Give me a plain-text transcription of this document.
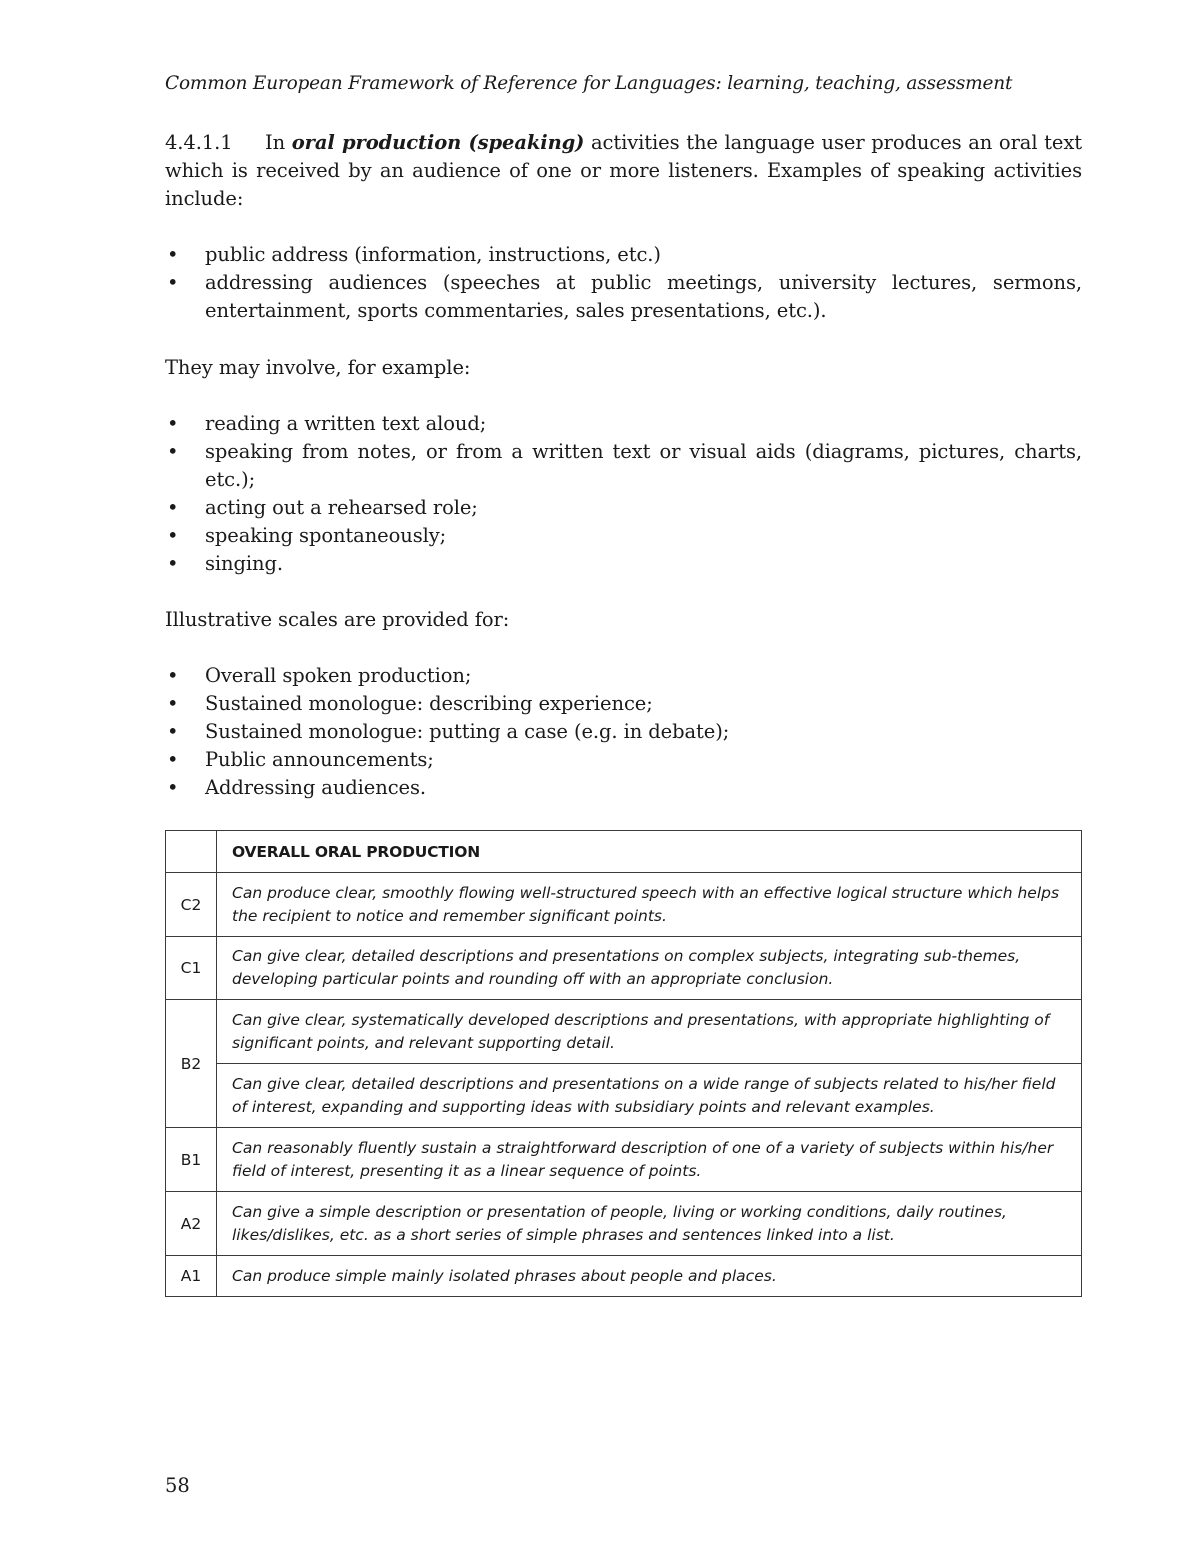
Common European Framework of Reference for Languages: learning, teaching, assessment

4.4.1.1 In oral production (speaking) activities the language user produces an oral text which is received by an audience of one or more listeners. Examples of speaking activities include:

• public address (information, instructions, etc.)
• addressing audiences (speeches at public meetings, university lectures, sermons, entertainment, sports commentaries, sales presentations, etc.).

They may involve, for example:

• reading a written text aloud;
• speaking from notes, or from a written text or visual aids (diagrams, pictures, charts, etc.);
• acting out a rehearsed role;
• speaking spontaneously;
• singing.

Illustrative scales are provided for:

• Overall spoken production;
• Sustained monologue: describing experience;
• Sustained monologue: putting a case (e.g. in debate);
• Public announcements;
• Addressing audiences.
	OVERALL ORAL PRODUCTION
C2	Can produce clear, smoothly flowing well-structured speech with an effective logical structure which helps the recipient to notice and remember significant points.
C1	Can give clear, detailed descriptions and presentations on complex subjects, integrating sub-themes, developing particular points and rounding off with an appropriate conclusion.
B2	Can give clear, systematically developed descriptions and presentations, with appropriate highlighting of significant points, and relevant supporting detail.
	Can give clear, detailed descriptions and presentations on a wide range of subjects related to his/her field of interest, expanding and supporting ideas with subsidiary points and relevant examples.
B1	Can reasonably fluently sustain a straightforward description of one of a variety of subjects within his/her field of interest, presenting it as a linear sequence of points.
A2	Can give a simple description or presentation of people, living or working conditions, daily routines, likes/dislikes, etc. as a short series of simple phrases and sentences linked into a list.
A1	Can produce simple mainly isolated phrases about people and places.
58
